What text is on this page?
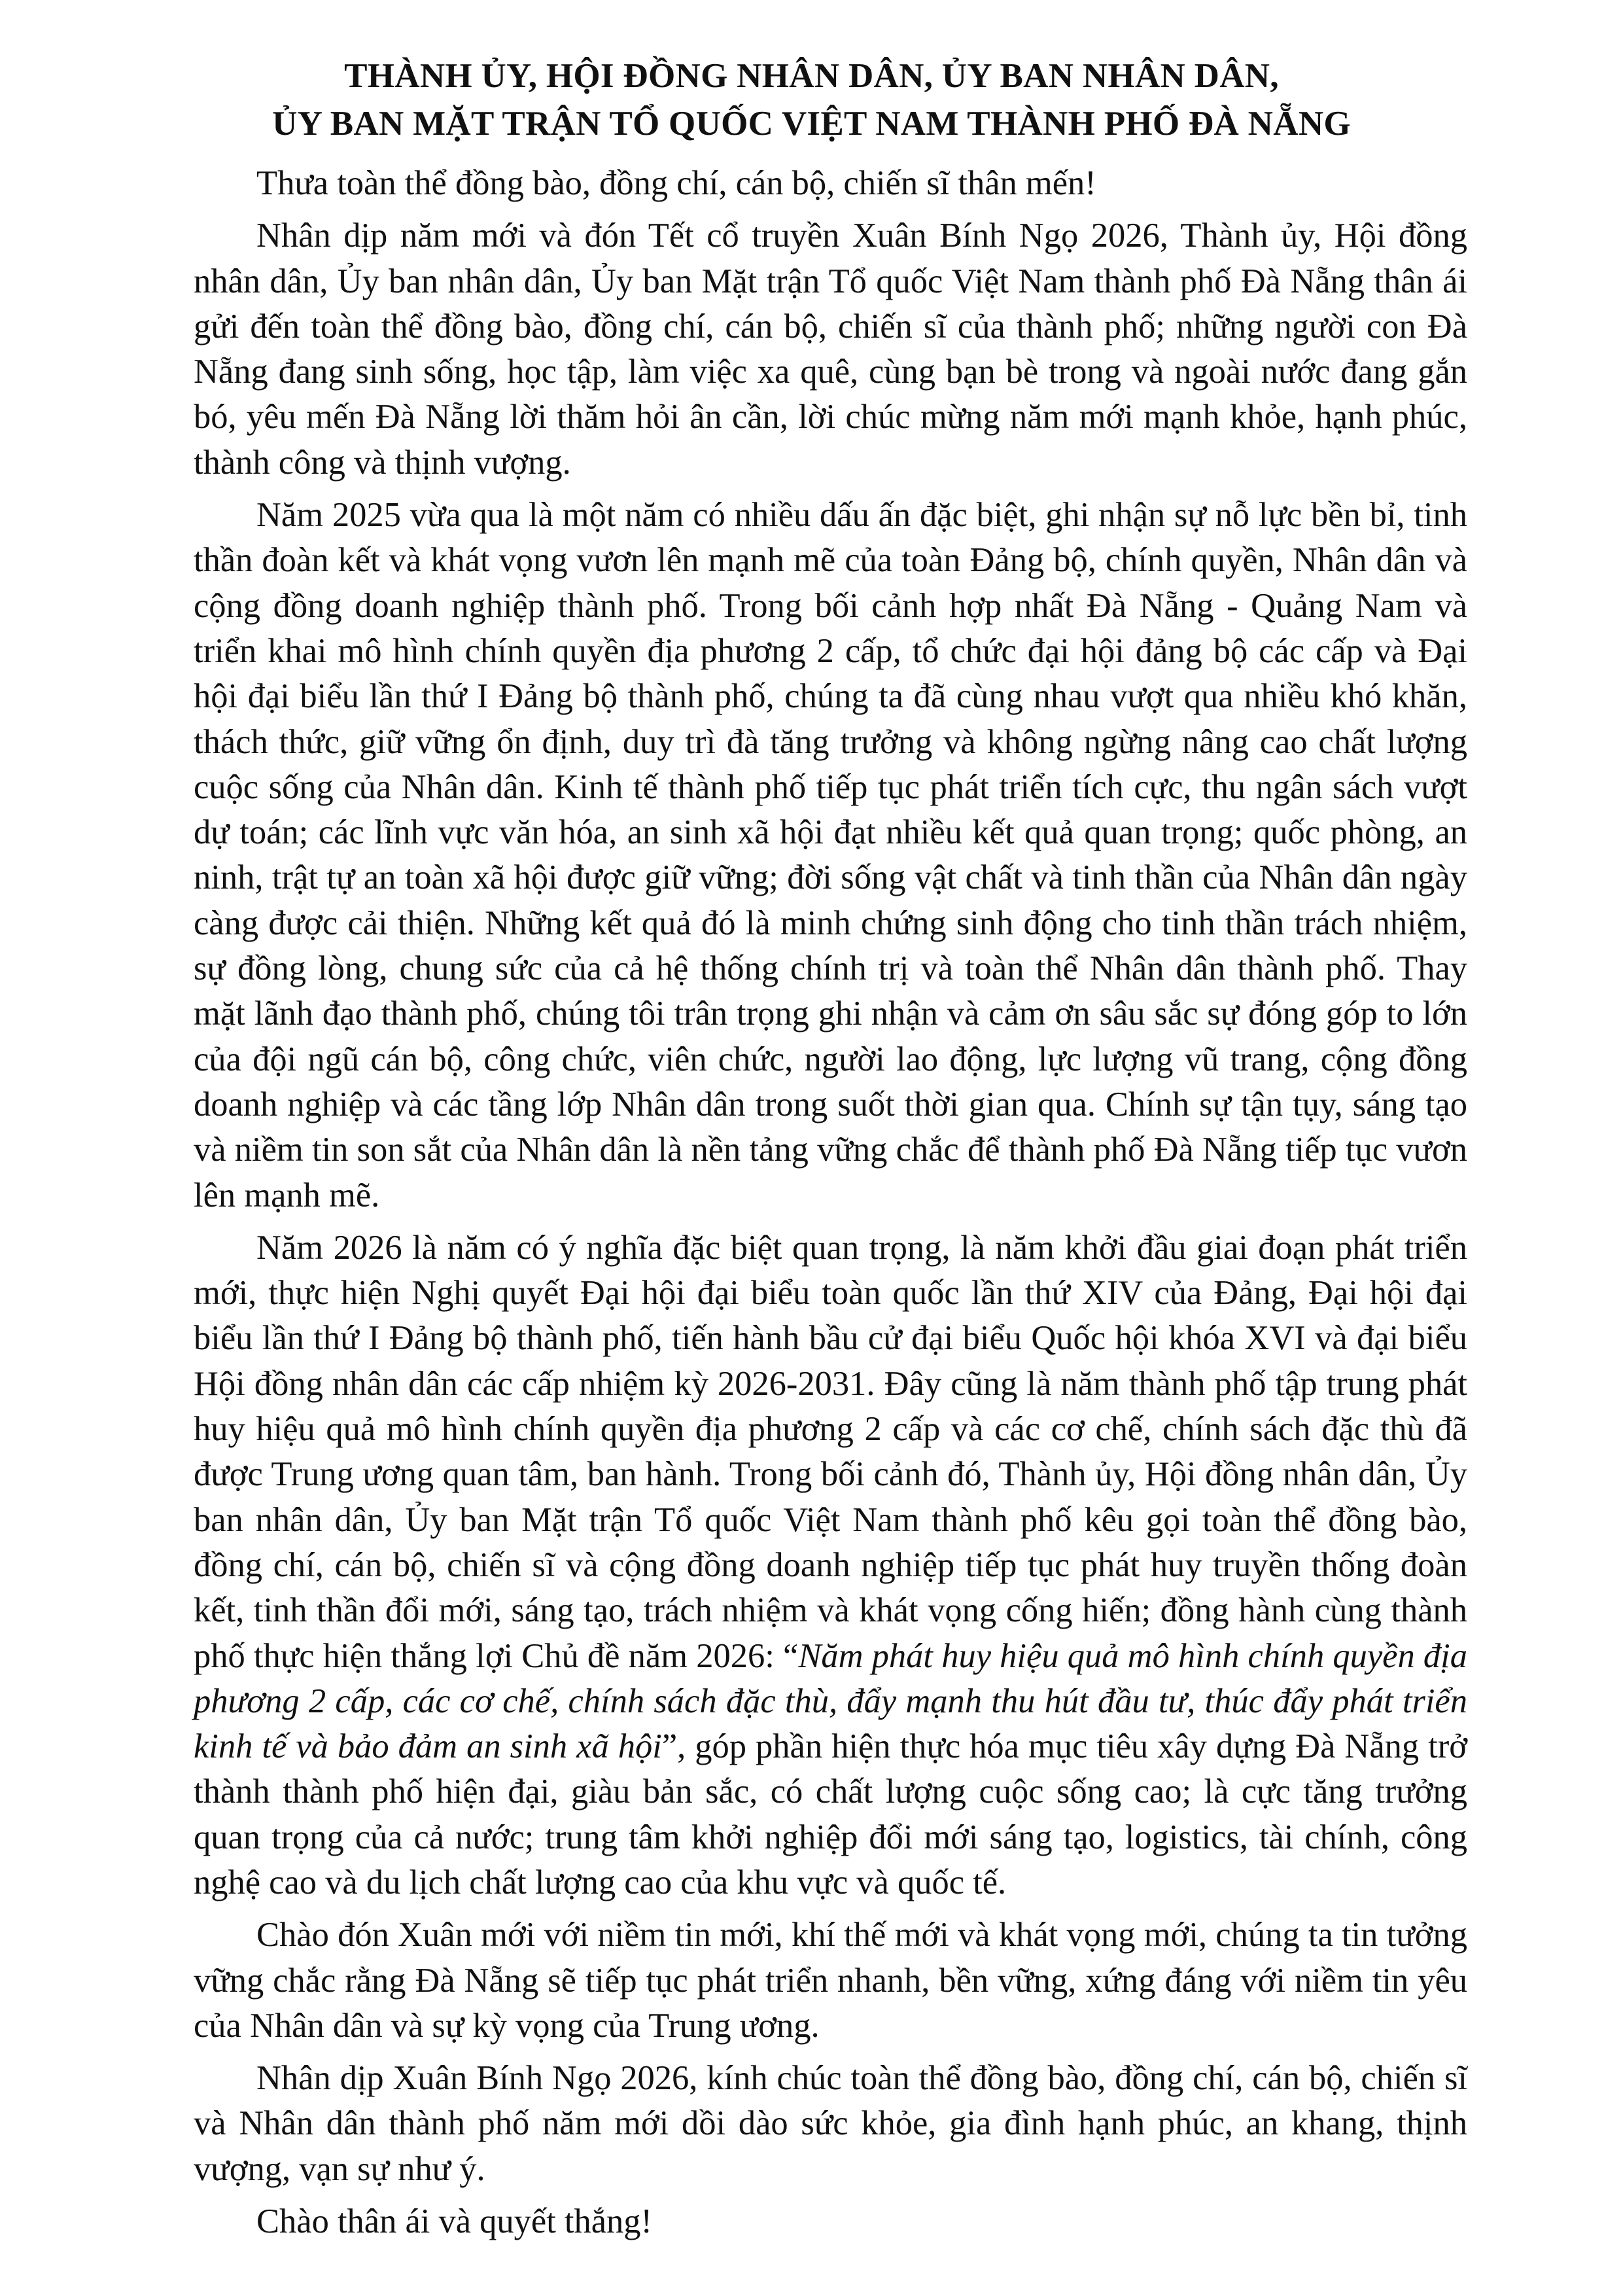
THÀNH ỦY, HỘI ĐỒNG NHÂN DÂN, ỦY BAN NHÂN DÂN,
ỦY BAN MẶT TRẬN TỔ QUỐC VIỆT NAM THÀNH PHỐ ĐÀ NẴNG

Thưa toàn thể đồng bào, đồng chí, cán bộ, chiến sĩ thân mến!

Nhân dịp năm mới và đón Tết cổ truyền Xuân Bính Ngọ 2026, Thành ủy, Hội đồng nhân dân, Ủy ban nhân dân, Ủy ban Mặt trận Tổ quốc Việt Nam thành phố Đà Nẵng thân ái gửi đến toàn thể đồng bào, đồng chí, cán bộ, chiến sĩ của thành phố; những người con Đà Nẵng đang sinh sống, học tập, làm việc xa quê, cùng bạn bè trong và ngoài nước đang gắn bó, yêu mến Đà Nẵng lời thăm hỏi ân cần, lời chúc mừng năm mới mạnh khỏe, hạnh phúc, thành công và thịnh vượng.

Năm 2025 vừa qua là một năm có nhiều dấu ấn đặc biệt, ghi nhận sự nỗ lực bền bỉ, tinh thần đoàn kết và khát vọng vươn lên mạnh mẽ của toàn Đảng bộ, chính quyền, Nhân dân và cộng đồng doanh nghiệp thành phố. Trong bối cảnh hợp nhất Đà Nẵng - Quảng Nam và triển khai mô hình chính quyền địa phương 2 cấp, tổ chức đại hội đảng bộ các cấp và Đại hội đại biểu lần thứ I Đảng bộ thành phố, chúng ta đã cùng nhau vượt qua nhiều khó khăn, thách thức, giữ vững ổn định, duy trì đà tăng trưởng và không ngừng nâng cao chất lượng cuộc sống của Nhân dân. Kinh tế thành phố tiếp tục phát triển tích cực, thu ngân sách vượt dự toán; các lĩnh vực văn hóa, an sinh xã hội đạt nhiều kết quả quan trọng; quốc phòng, an ninh, trật tự an toàn xã hội được giữ vững; đời sống vật chất và tinh thần của Nhân dân ngày càng được cải thiện. Những kết quả đó là minh chứng sinh động cho tinh thần trách nhiệm, sự đồng lòng, chung sức của cả hệ thống chính trị và toàn thể Nhân dân thành phố. Thay mặt lãnh đạo thành phố, chúng tôi trân trọng ghi nhận và cảm ơn sâu sắc sự đóng góp to lớn của đội ngũ cán bộ, công chức, viên chức, người lao động, lực lượng vũ trang, cộng đồng doanh nghiệp và các tầng lớp Nhân dân trong suốt thời gian qua. Chính sự tận tụy, sáng tạo và niềm tin son sắt của Nhân dân là nền tảng vững chắc để thành phố Đà Nẵng tiếp tục vươn lên mạnh mẽ.

Năm 2026 là năm có ý nghĩa đặc biệt quan trọng, là năm khởi đầu giai đoạn phát triển mới, thực hiện Nghị quyết Đại hội đại biểu toàn quốc lần thứ XIV của Đảng, Đại hội đại biểu lần thứ I Đảng bộ thành phố, tiến hành bầu cử đại biểu Quốc hội khóa XVI và đại biểu Hội đồng nhân dân các cấp nhiệm kỳ 2026-2031. Đây cũng là năm thành phố tập trung phát huy hiệu quả mô hình chính quyền địa phương 2 cấp và các cơ chế, chính sách đặc thù đã được Trung ương quan tâm, ban hành. Trong bối cảnh đó, Thành ủy, Hội đồng nhân dân, Ủy ban nhân dân, Ủy ban Mặt trận Tổ quốc Việt Nam thành phố kêu gọi toàn thể đồng bào, đồng chí, cán bộ, chiến sĩ và cộng đồng doanh nghiệp tiếp tục phát huy truyền thống đoàn kết, tinh thần đổi mới, sáng tạo, trách nhiệm và khát vọng cống hiến; đồng hành cùng thành phố thực hiện thắng lợi Chủ đề năm 2026: “Năm phát huy hiệu quả mô hình chính quyền địa phương 2 cấp, các cơ chế, chính sách đặc thù, đẩy mạnh thu hút đầu tư, thúc đẩy phát triển kinh tế và bảo đảm an sinh xã hội”, góp phần hiện thực hóa mục tiêu xây dựng Đà Nẵng trở thành thành phố hiện đại, giàu bản sắc, có chất lượng cuộc sống cao; là cực tăng trưởng quan trọng của cả nước; trung tâm khởi nghiệp đổi mới sáng tạo, logistics, tài chính, công nghệ cao và du lịch chất lượng cao của khu vực và quốc tế.

Chào đón Xuân mới với niềm tin mới, khí thế mới và khát vọng mới, chúng ta tin tưởng vững chắc rằng Đà Nẵng sẽ tiếp tục phát triển nhanh, bền vững, xứng đáng với niềm tin yêu của Nhân dân và sự kỳ vọng của Trung ương.

Nhân dịp Xuân Bính Ngọ 2026, kính chúc toàn thể đồng bào, đồng chí, cán bộ, chiến sĩ và Nhân dân thành phố năm mới dồi dào sức khỏe, gia đình hạnh phúc, an khang, thịnh vượng, vạn sự như ý.

Chào thân ái và quyết thắng!
